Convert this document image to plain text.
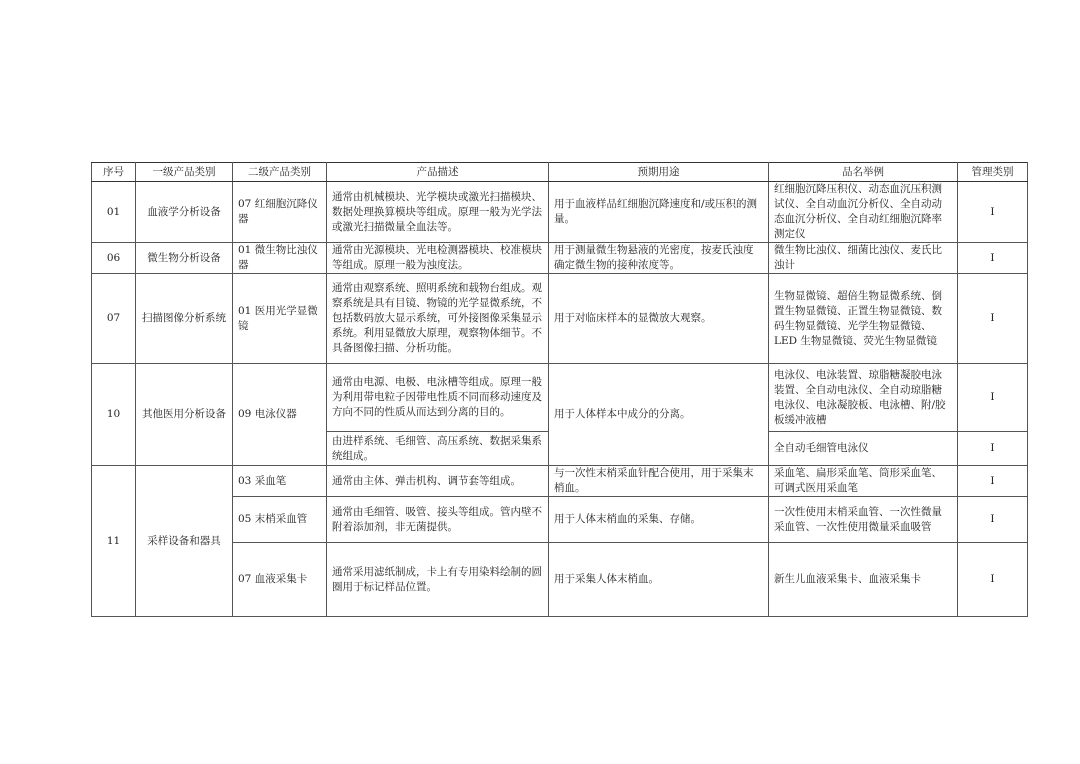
序号	一级产品类别	二级产品类别	产品描述	预期用途	品名举例	管理类别
01	血液学分析设备	07 红细胞沉降仪器	通常由机械模块、光学模块或激光扫描模块、数据处理换算模块等组成。原理一般为光学法或激光扫描微量全血法等。	用于血液样品红细胞沉降速度和/或压积的测量。	红细胞沉降压积仪、动态血沉压积测试仪、全自动血沉分析仪、全自动动态血沉分析仪、全自动红细胞沉降率测定仪	I
06	微生物分析设备	01 微生物比浊仪器	通常由光源模块、光电检测器模块、校准模块等组成。原理一般为浊度法。	用于测量微生物悬液的光密度，按麦氏浊度确定微生物的接种浓度等。	微生物比浊仪、细菌比浊仪、麦氏比浊计	I
07	扫描图像分析系统	01 医用光学显微镜	通常由观察系统、照明系统和载物台组成。观察系统是具有目镜、物镜的光学显微系统，不包括数码放大显示系统，可外接图像采集显示系统。利用显微放大原理，观察物体细节。不具备图像扫描、分析功能。	用于对临床样本的显微放大观察。	生物显微镜、超倍生物显微系统、倒置生物显微镜、正置生物显微镜、数码生物显微镜、光学生物显微镜、LED 生物显微镜、荧光生物显微镜	I
10	其他医用分析设备	09 电泳仪器	通常由电源、电极、电泳槽等组成。原理一般为利用带电粒子因带电性质不同而移动速度及方向不同的性质从而达到分离的目的。	用于人体样本中成分的分离。	电泳仪、电泳装置、琼脂糖凝胶电泳装置、全自动电泳仪、全自动琼脂糖电泳仪、电泳凝胶板、电泳槽、附/胶板缓冲液槽	I
			由进样系统、毛细管、高压系统、数据采集系统组成。		全自动毛细管电泳仪	I
11	采样设备和器具	03 采血笔	通常由主体、弹击机构、调节套等组成。	与一次性末梢采血针配合使用，用于采集末梢血。	采血笔、扁形采血笔、筒形采血笔、可调式医用采血笔	I
		05 末梢采血管	通常由毛细管、吸管、接头等组成。管内壁不附着添加剂，非无菌提供。	用于人体末梢血的采集、存储。	一次性使用末梢采血管、一次性微量采血管、一次性使用微量采血吸管	I
		07 血液采集卡	通常采用滤纸制成，卡上有专用染料绘制的圆圈用于标记样品位置。	用于采集人体末梢血。	新生儿血液采集卡、血液采集卡	I
